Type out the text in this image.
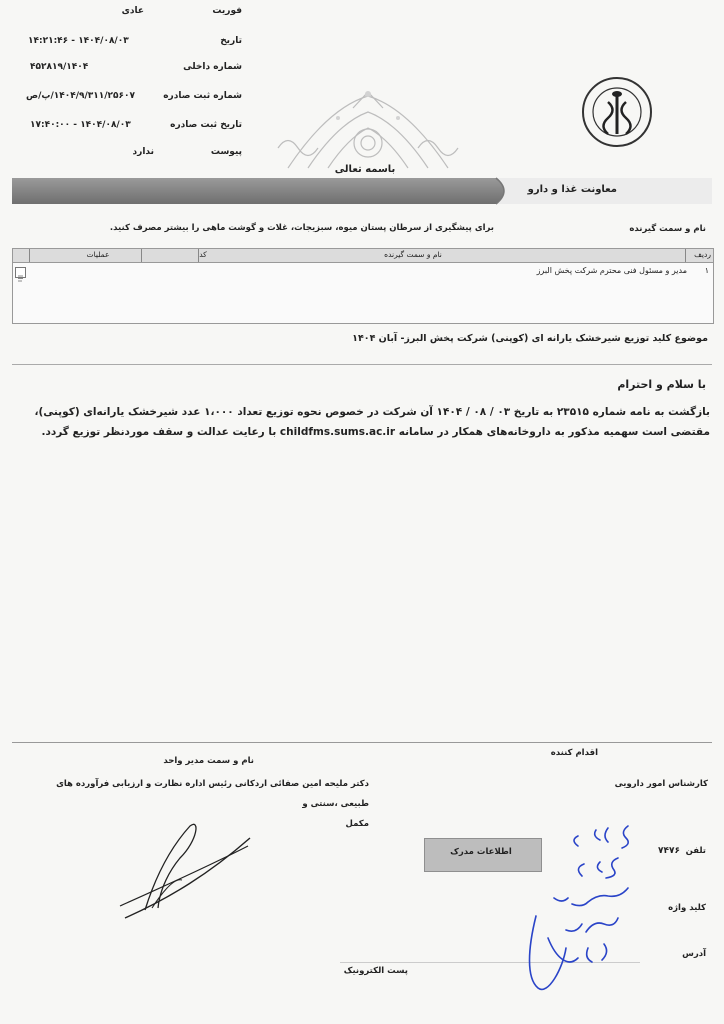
فوریت
عادی
تاریخ
۱۴۰۴/۰۸/۰۳ - ۱۴:۲۱:۴۶
شماره داخلی
۴۵۲۸۱۹/۱۴۰۴
شماره ثبت صادره
۱۴۰۴/۹/۳۱۱/۲۵۶۰۷/پ/ص
تاریخ ثبت صادره
۱۴۰۴/۰۸/۰۳ - ۱۷:۴۰:۰۰
پیوست
ندارد
باسمه تعالی
معاونت غذا و دارو
نام و سمت گیرنده
برای پیشگیری از سرطان پستان میوه، سبزیجات، غلات و گوشت ماهی را بیشتر مصرف کنید.
ردیف
نام و سمت گیرنده
کد
عملیات
۱
مدیر و مسئول فنی محترم شرکت پخش البرز
موضوع کلید توزیع شیرخشک یارانه ای (کوپنی) شرکت پخش البرز- آبان ۱۴۰۴
با سلام و احترام
بازگشت به نامه شماره ۲۳۵۱۵ به تاریخ ۰۳ / ۰۸ / ۱۴۰۴ آن شرکت در خصوص نحوه توزیع تعداد ۱،۰۰۰ عدد شیرخشک یارانه‌ای (کوپنی)،
مقتضی است سهمیه مذکور به داروخانه‌های همکار در سامانه childfms.sums.ac.ir با رعایت عدالت و سقف موردنظر توزیع گردد.
نام و سمت مدیر واحد
اقدام کننده
دکتر ملیحه امین صفائی اردکانی رئیس اداره نظارت و ارزیابی فرآورده های طبیعی ،سنتی و
مکمل
کارشناس امور دارویی
اطلاعات مدرک	تلفن
۷۴۷۶
کلید واژه
آدرس
پست الکترونیک
